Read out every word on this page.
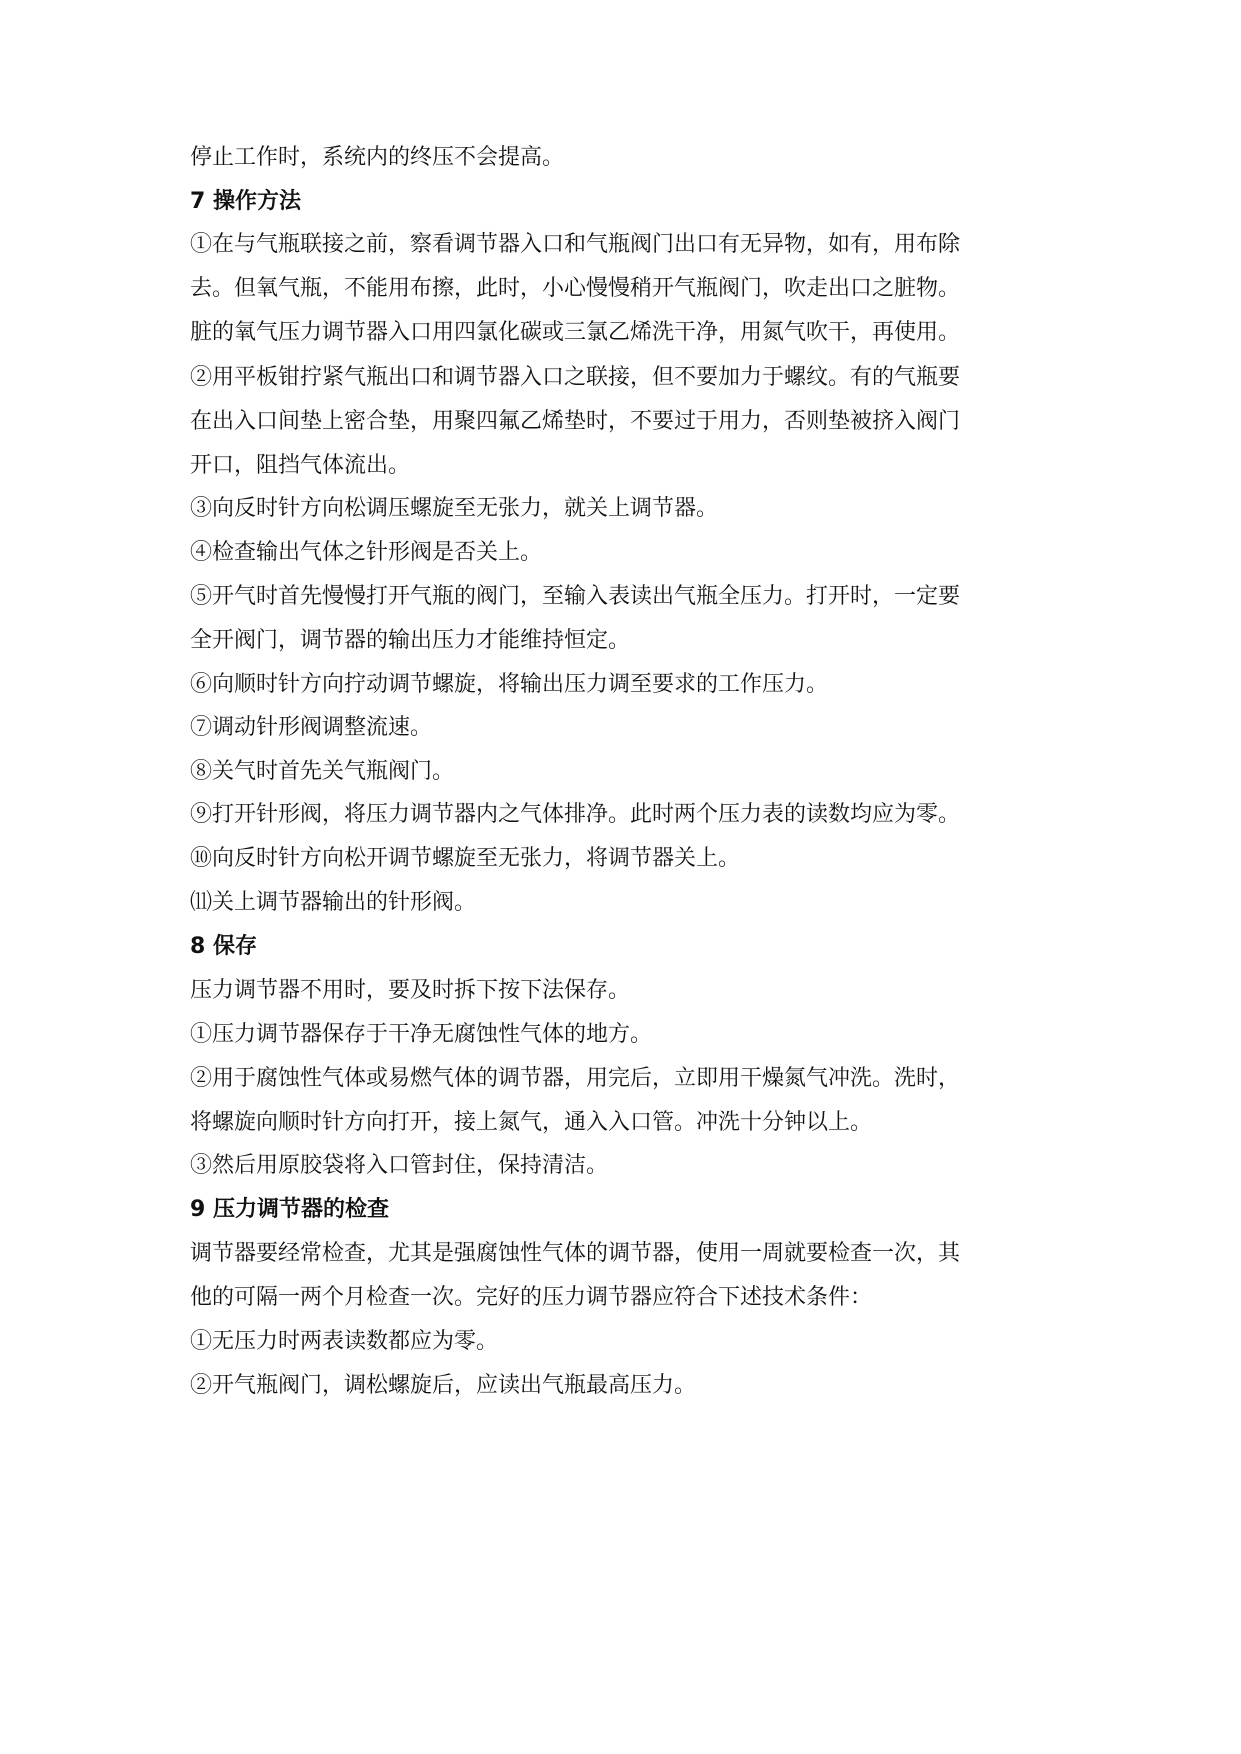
停止工作时，系统内的终压不会提高。

7 操作方法

①在与气瓶联接之前，察看调节器入口和气瓶阀门出口有无异物，如有，用布除

去。但氧气瓶，不能用布擦，此时，小心慢慢稍开气瓶阀门，吹走出口之脏物。

脏的氧气压力调节器入口用四氯化碳或三氯乙烯洗干净，用氮气吹干，再使用。

②用平板钳拧紧气瓶出口和调节器入口之联接，但不要加力于螺纹。有的气瓶要

在出入口间垫上密合垫，用聚四氟乙烯垫时，不要过于用力，否则垫被挤入阀门

开口，阻挡气体流出。

③向反时针方向松调压螺旋至无张力，就关上调节器。

④检查输出气体之针形阀是否关上。

⑤开气时首先慢慢打开气瓶的阀门，至输入表读出气瓶全压力。打开时，一定要

全开阀门，调节器的输出压力才能维持恒定。

⑥向顺时针方向拧动调节螺旋，将输出压力调至要求的工作压力。

⑦调动针形阀调整流速。

⑧关气时首先关气瓶阀门。

⑨打开针形阀，将压力调节器内之气体排净。此时两个压力表的读数均应为零。

⑩向反时针方向松开调节螺旋至无张力，将调节器关上。

⑾关上调节器输出的针形阀。

8 保存

压力调节器不用时，要及时拆下按下法保存。

①压力调节器保存于干净无腐蚀性气体的地方。

②用于腐蚀性气体或易燃气体的调节器，用完后，立即用干燥氮气冲洗。洗时，

将螺旋向顺时针方向打开，接上氮气，通入入口管。冲洗十分钟以上。

③然后用原胶袋将入口管封住，保持清洁。

9 压力调节器的检查

调节器要经常检查，尤其是强腐蚀性气体的调节器，使用一周就要检查一次，其

他的可隔一两个月检查一次。完好的压力调节器应符合下述技术条件：

①无压力时两表读数都应为零。

②开气瓶阀门，调松螺旋后，应读出气瓶最高压力。
